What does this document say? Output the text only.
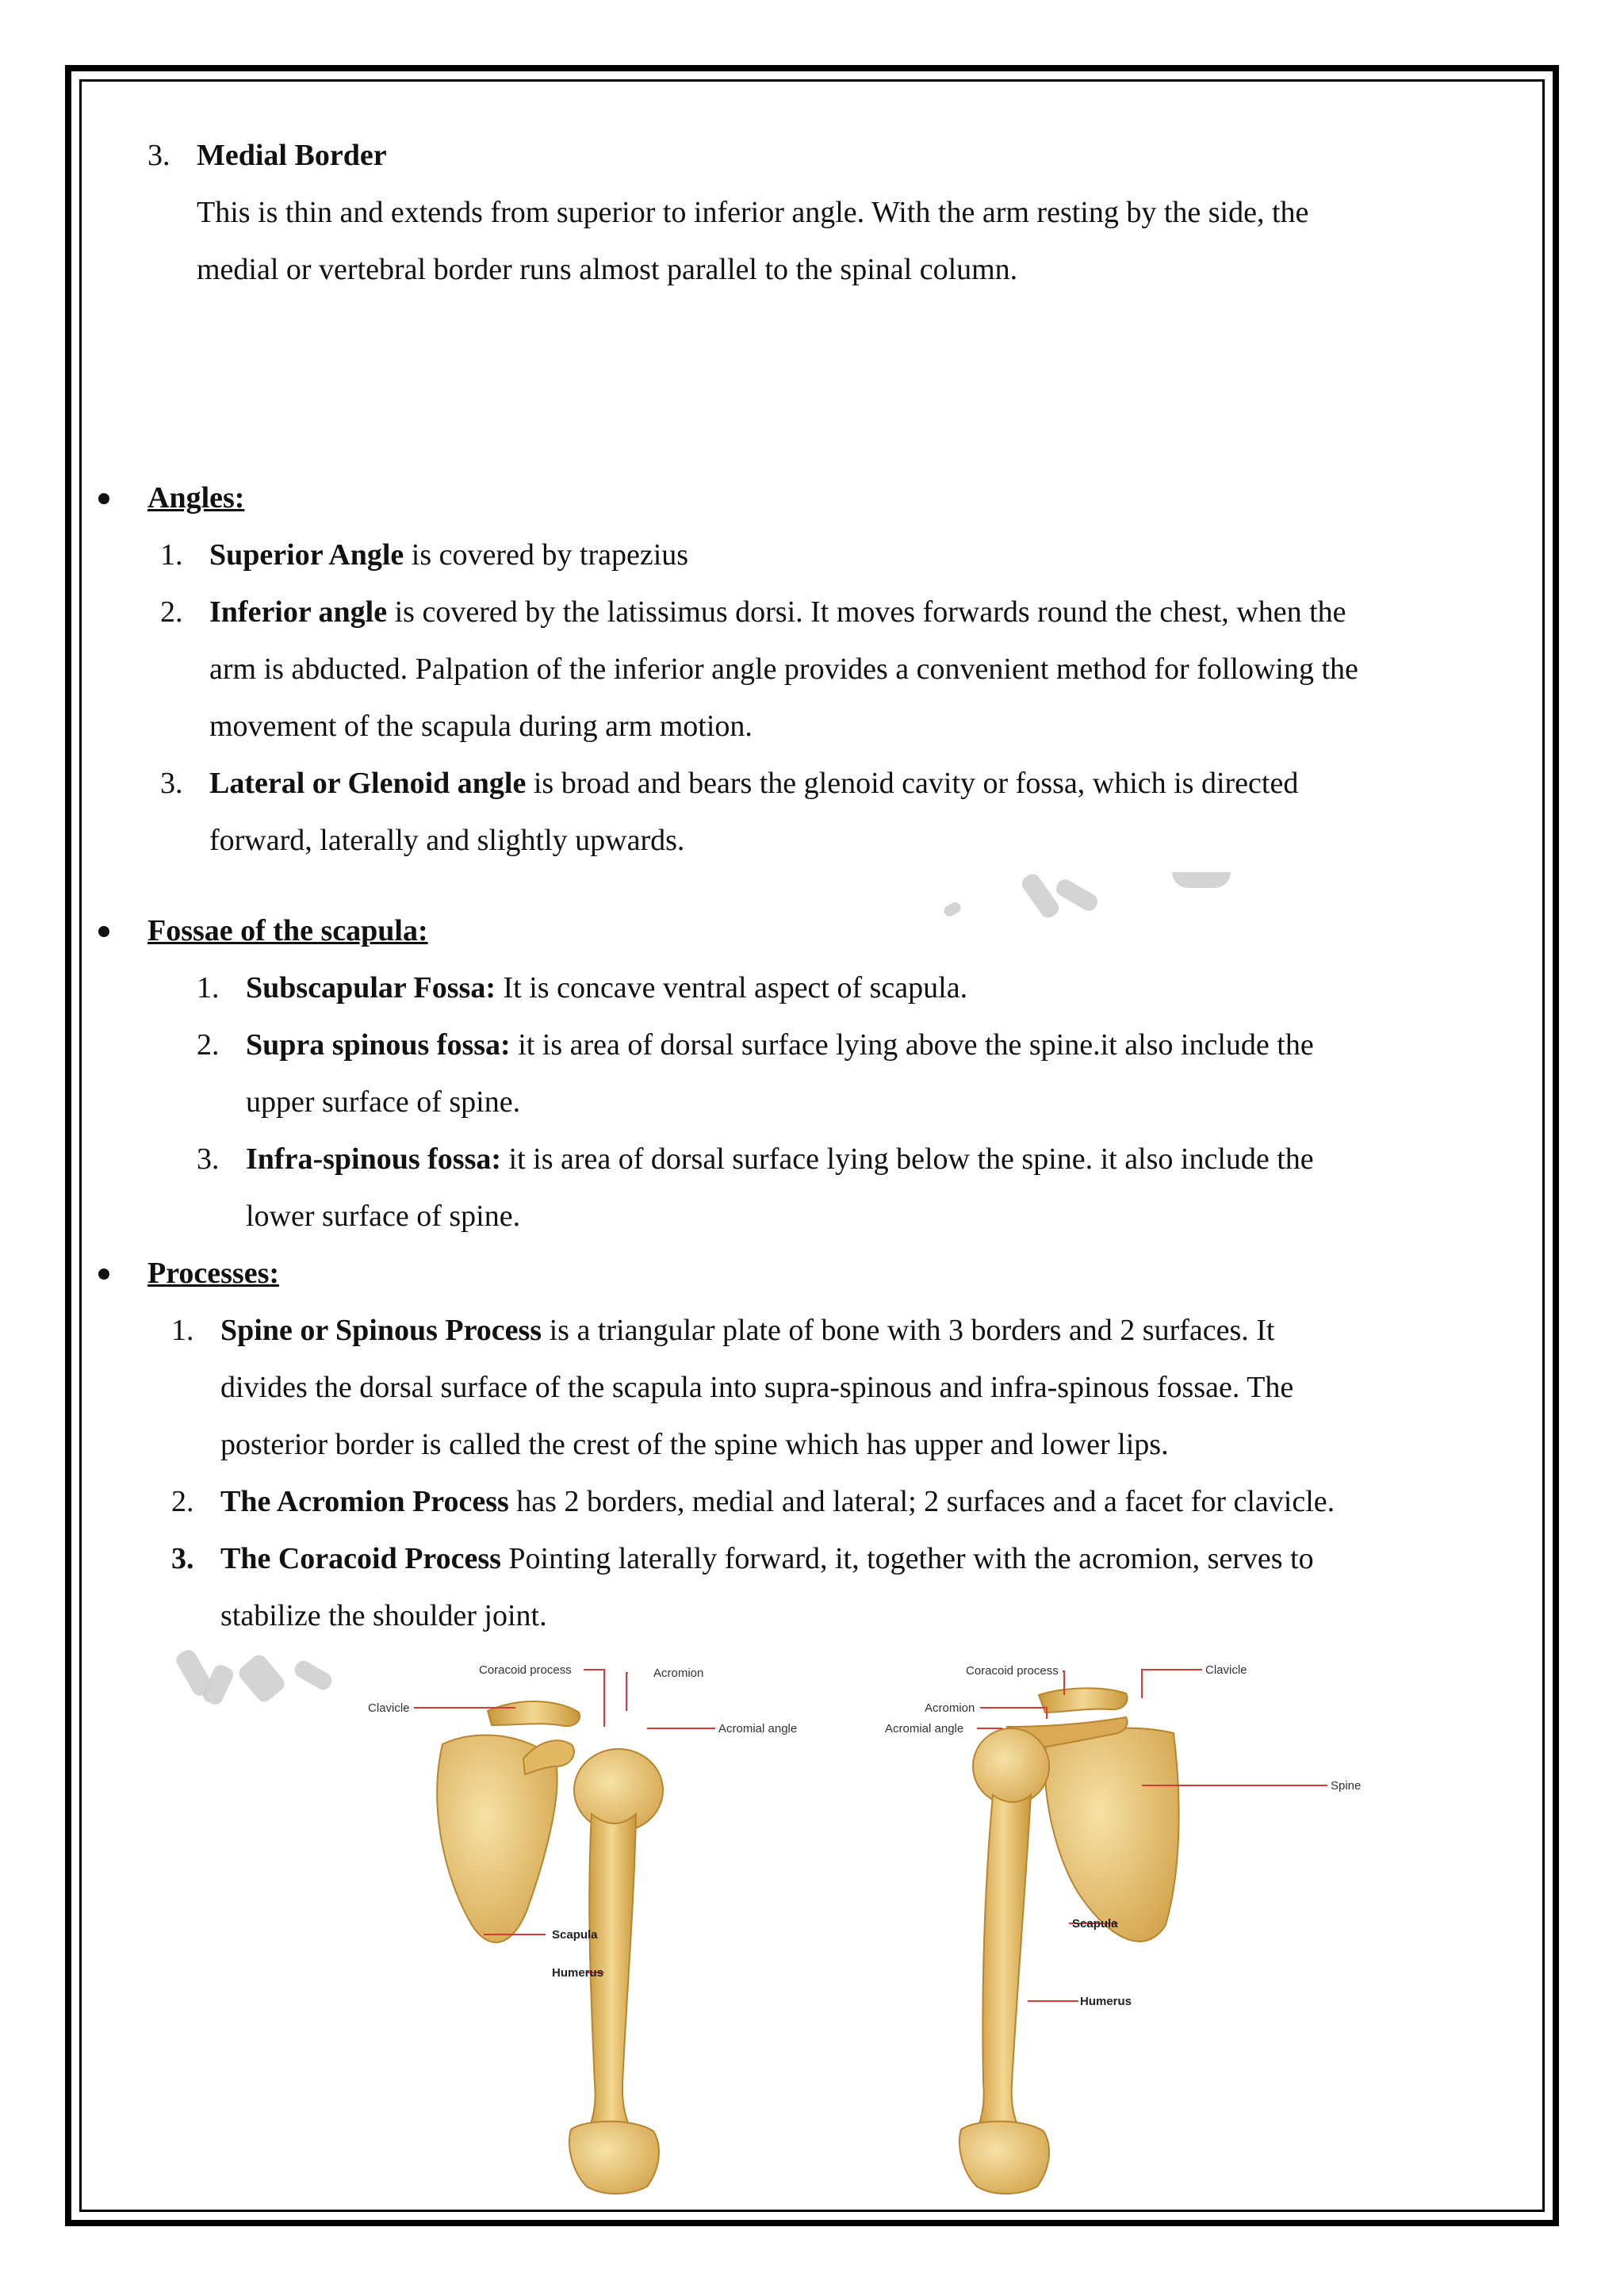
3. Medial Border
This is thin and extends from superior to inferior angle. With the arm resting by the side, the
medial or vertebral border runs almost parallel to the spinal column.
Angles:
1. Superior Angle is covered by trapezius
2. Inferior angle is covered by the latissimus dorsi. It moves forwards round the chest, when the
arm is abducted. Palpation of the inferior angle provides a convenient method for following the
movement of the scapula during arm motion.
3. Lateral or Glenoid angle is broad and bears the glenoid cavity or fossa, which is directed
forward, laterally and slightly upwards.
Fossae of the scapula:
1. Subscapular Fossa: It is concave ventral aspect of scapula.
2. Supra spinous fossa: it is area of dorsal surface lying above the spine.it also include the
upper surface of spine.
3. Infra-spinous fossa: it is area of dorsal surface lying below the spine. it also include the
lower surface of spine.
Processes:
1. Spine or Spinous Process is a triangular plate of bone with 3 borders and 2 surfaces. It
divides the dorsal surface of the scapula into supra-spinous and infra-spinous fossae. The
posterior border is called the crest of the spine which has upper and lower lips.
2. The Acromion Process has 2 borders, medial and lateral; 2 surfaces and a facet for clavicle.
3. The Coracoid Process Pointing laterally forward, it, together with the acromion, serves to
stabilize the shoulder joint.
Coracoid process	Acromion
Clavicle
Acromial angle
Scapula
Humerus
Coracoid process	Clavicle
Acromion
Acromial angle
Spine
Scapula
Humerus
